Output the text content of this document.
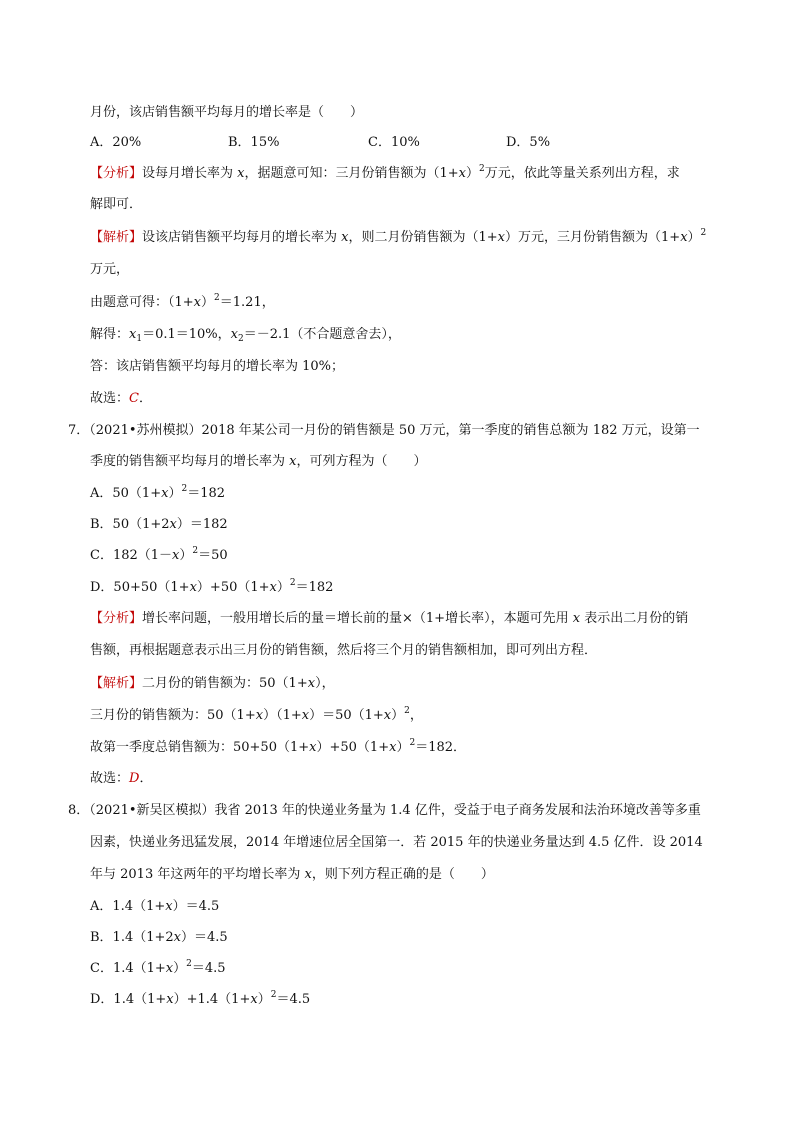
月份，该店销售额平均每月的增长率是（　　）
A．20%	B．15%	C．10%	D．5%
【分析】设每月增长率为 x，据题意可知：三月份销售额为$(1+x)^2$万元，依此等量关系列出方程，求
解即可．
【解析】设该店销售额平均每月的增长率为 x，则二月份销售额为（1+x）万元，三月份销售额为$(1+x)^2$
万元，
由题意可得：$(1+x)^2=1.21$，
解得：$x_1=0.1=10\%$，$x_2=-2.1$（不合题意舍去），
答：该店销售额平均每月的增长率为 10%；
故选：C．
7．（2021•苏州模拟）2018 年某公司一月份的销售额是 50 万元，第一季度的销售总额为 182 万元，设第一
季度的销售额平均每月的增长率为 x，可列方程为（　　）
A．$50(1+x)^2=182$
B．50（1+2x）＝182
C．$182(1-x)^2=50$
D．$50+50(1+x)+50(1+x)^2=182$
【分析】增长率问题，一般用增长后的量＝增长前的量×（1+增长率），本题可先用 x 表示出二月份的销
售额，再根据题意表示出三月份的销售额，然后将三个月的销售额相加，即可列出方程．
【解析】二月份的销售额为：50（1+x），
三月份的销售额为：$50(1+x)(1+x)=50(1+x)^2$，
故第一季度总销售额为：$50+50(1+x)+50(1+x)^2=182$．
故选：D．
8．（2021•新吴区模拟）我省 2013 年的快递业务量为 1.4 亿件，受益于电子商务发展和法治环境改善等多重
因素，快递业务迅猛发展，2014 年增速位居全国第一．若 2015 年的快递业务量达到 4.5 亿件．设 2014
年与 2013 年这两年的平均增长率为 x，则下列方程正确的是（　　）
A．1.4（1+x）＝4.5
B．1.4（1+2x）＝4.5
C．$1.4(1+x)^2=4.5$
D．$1.4(1+x)+1.4(1+x)^2=4.5$
